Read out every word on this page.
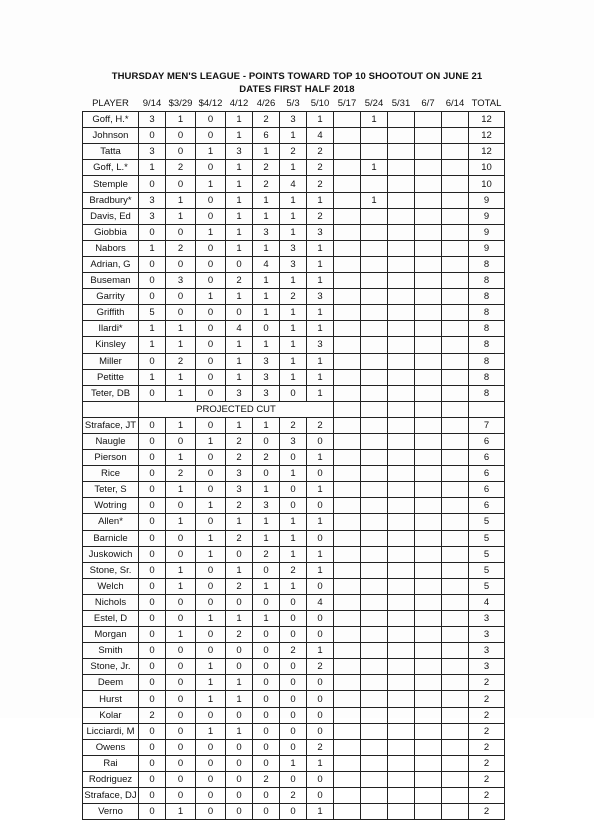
THURSDAY MEN'S LEAGUE - POINTS TOWARD TOP 10 SHOOTOUT ON JUNE 21
DATES FIRST HALF 2018
PLAYER	9/14	$3/29	$4/12	4/12	4/26	5/3	5/10	5/17	5/24	5/31	6/7	6/14	TOTAL
Goff, H.*	3	1	0	1	2	3	1		1				12
Johnson	0	0	0	1	6	1	4						12
Tatta	3	0	1	3	1	2	2						12
Goff, L.*	1	2	0	1	2	1	2		1				10
Stemple	0	0	1	1	2	4	2						10
Bradbury*	3	1	0	1	1	1	1		1				9
Davis, Ed	3	1	0	1	1	1	2						9
Giobbia	0	0	1	1	3	1	3						9
Nabors	1	2	0	1	1	3	1						9
Adrian, G	0	0	0	0	4	3	1						8
Buseman	0	3	0	2	1	1	1						8
Garrity	0	0	1	1	1	2	3						8
Griffith	5	0	0	0	1	1	1						8
Ilardi*	1	1	0	4	0	1	1						8
Kinsley	1	1	0	1	1	1	3						8
Miller	0	2	0	1	3	1	1						8
Petitte	1	1	0	1	3	1	1						8
Teter, DB	0	1	0	3	3	0	1						8
	PROJECTED CUT												
Straface, JT	0	1	0	1	1	2	2						7
Naugle	0	0	1	2	0	3	0						6
Pierson	0	1	0	2	2	0	1						6
Rice	0	2	0	3	0	1	0						6
Teter, S	0	1	0	3	1	0	1						6
Wotring	0	0	1	2	3	0	0						6
Allen*	0	1	0	1	1	1	1						5
Barnicle	0	0	1	2	1	1	0						5
Juskowich	0	0	1	0	2	1	1						5
Stone, Sr.	0	1	0	1	0	2	1						5
Welch	0	1	0	2	1	1	0						5
Nichols	0	0	0	0	0	0	4						4
Estel, D	0	0	1	1	1	0	0						3
Morgan	0	1	0	2	0	0	0						3
Smith	0	0	0	0	0	2	1						3
Stone, Jr.	0	0	1	0	0	0	2						3
Deem	0	0	1	1	0	0	0						2
Hurst	0	0	1	1	0	0	0						2
Kolar	2	0	0	0	0	0	0						2
Licciardi, M	0	0	1	1	0	0	0						2
Owens	0	0	0	0	0	0	2						2
Rai	0	0	0	0	0	1	1						2
Rodriguez	0	0	0	0	2	0	0						2
Straface, DJ	0	0	0	0	0	2	0						2
Verno	0	1	0	0	0	0	1						2
